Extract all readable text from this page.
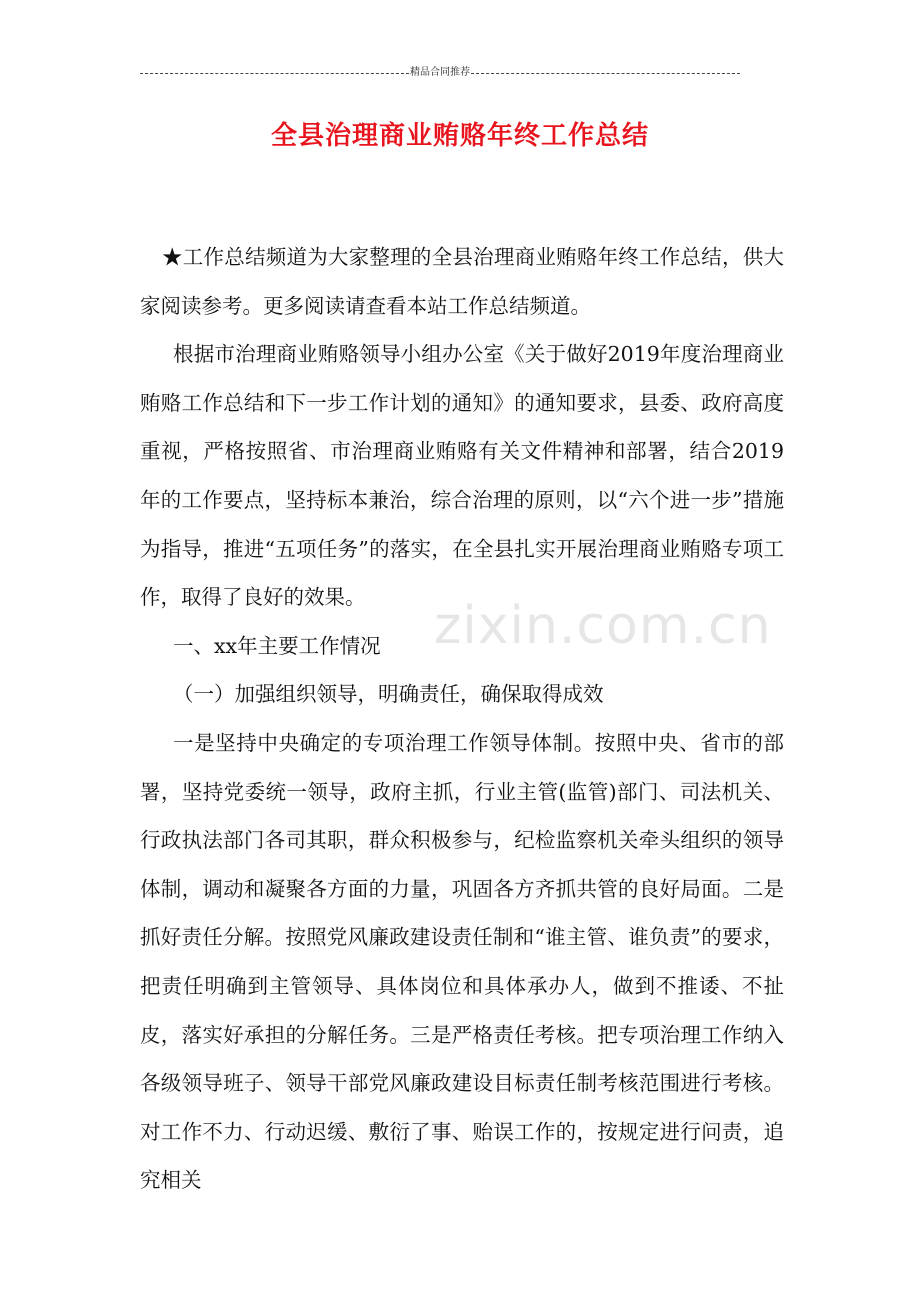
精品合同推荐
全县治理商业贿赂年终工作总结

★工作总结频道为大家整理的全县治理商业贿赂年终工作总结，供大家阅读参考。更多阅读请查看本站工作总结频道。

根据市治理商业贿赂领导小组办公室《关于做好2019年度治理商业贿赂工作总结和下一步工作计划的通知》的通知要求，县委、政府高度重视，严格按照省、市治理商业贿赂有关文件精神和部署，结合2019年的工作要点，坚持标本兼治，综合治理的原则，以“六个进一步”措施为指导，推进“五项任务”的落实，在全县扎实开展治理商业贿赂专项工作，取得了良好的效果。

一、xx年主要工作情况

（一）加强组织领导，明确责任，确保取得成效

一是坚持中央确定的专项治理工作领导体制。按照中央、省市的部署，坚持党委统一领导，政府主抓，行业主管(监管)部门、司法机关、行政执法部门各司其职，群众积极参与，纪检监察机关牵头组织的领导体制，调动和凝聚各方面的力量，巩固各方齐抓共管的良好局面。二是抓好责任分解。按照党风廉政建设责任制和“谁主管、谁负责”的要求，把责任明确到主管领导、具体岗位和具体承办人，做到不推诿、不扯皮，落实好承担的分解任务。三是严格责任考核。把专项治理工作纳入各级领导班子、领导干部党风廉政建设目标责任制考核范围进行考核。对工作不力、行动迟缓、敷衍了事、贻误工作的，按规定进行问责，追究相关

zixin.com.cn
